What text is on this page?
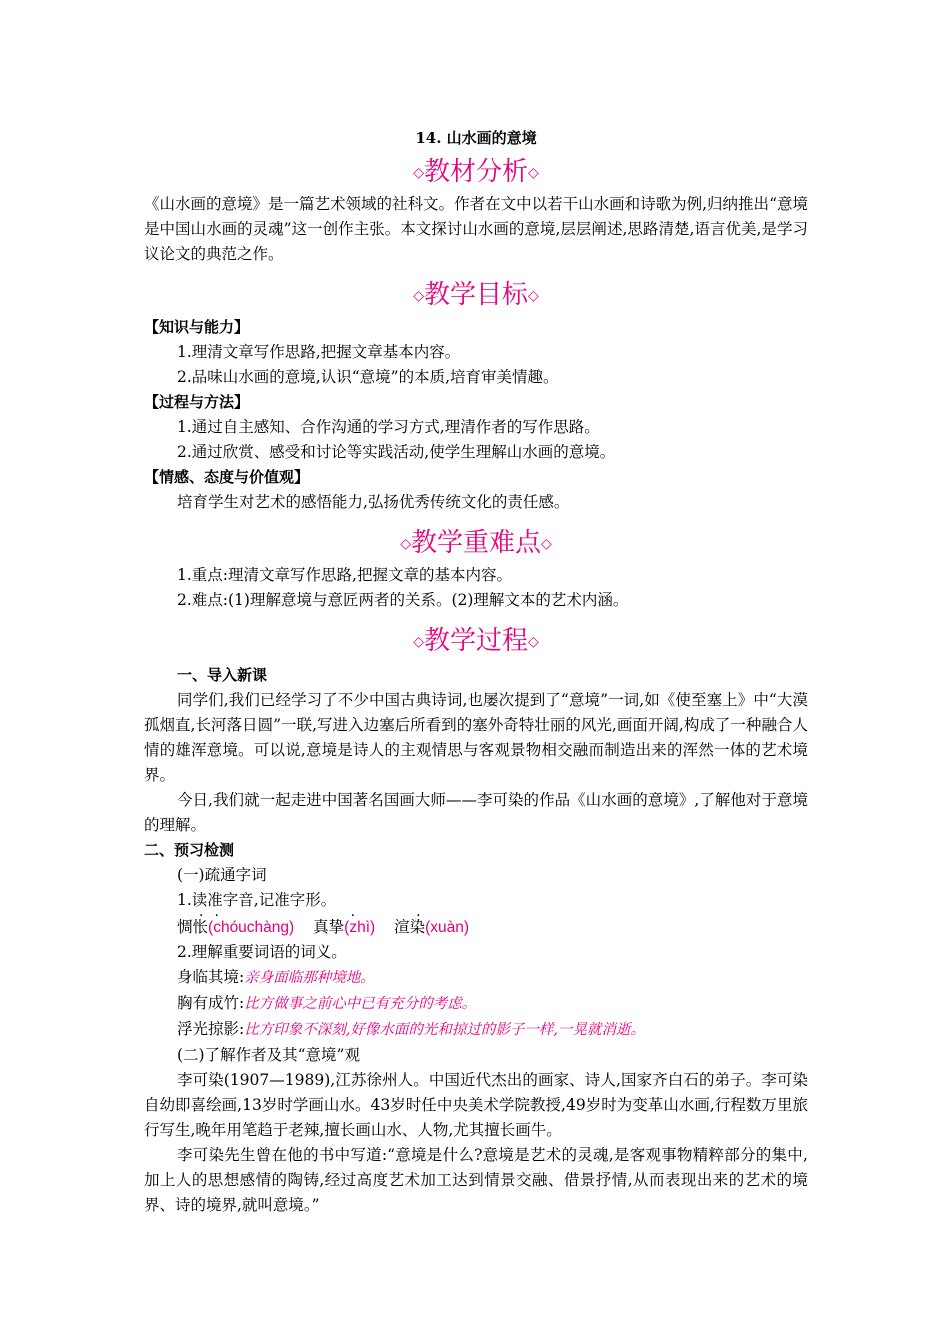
14. 山水画的意境
◇教材分析◇

《山水画的意境》是一篇艺术领域的社科文。作者在文中以若干山水画和诗歌为例,归纳推出“意境是中国山水画的灵魂”这一创作主张。本文探讨山水画的意境,层层阐述,思路清楚,语言优美,是学习议论文的典范之作。

◇教学目标◇

【知识与能力】

1.理清文章写作思路,把握文章基本内容。

2.品味山水画的意境,认识“意境”的本质,培育审美情趣。

【过程与方法】

1.通过自主感知、合作沟通的学习方式,理清作者的写作思路。

2.通过欣赏、感受和讨论等实践活动,使学生理解山水画的意境。

【情感、态度与价值观】

培育学生对艺术的感悟能力,弘扬优秀传统文化的责任感。

◇教学重难点◇

1.重点:理清文章写作思路,把握文章的基本内容。

2.难点:(1)理解意境与意匠两者的关系。(2)理解文本的艺术内涵。

◇教学过程◇

一、导入新课

同学们,我们已经学习了不少中国古典诗词,也屡次提到了“意境”一词,如《使至塞上》中“大漠孤烟直,长河落日圆”一联,写进入边塞后所看到的塞外奇特壮丽的风光,画面开阔,构成了一种融合人情的雄浑意境。可以说,意境是诗人的主观情思与客观景物相交融而制造出来的浑然一体的艺术境界。

今日,我们就一起走进中国著名国画大师——李可染的作品《山水画的意境》,了解他对于意境的理解。

二、预习检测

(一)疏通字词

1.读准字音,记准字形。

惆怅(chóuchàng) 真挚(zhì) 渲染(xuàn)

2.理解重要词语的词义。

身临其境:亲身面临那种境地。

胸有成竹:比方做事之前心中已有充分的考虑。

浮光掠影:比方印象不深刻,好像水面的光和掠过的影子一样,一晃就消逝。

(二)了解作者及其“意境”观

李可染(1907—1989),江苏徐州人。中国近代杰出的画家、诗人,国家齐白石的弟子。李可染自幼即喜绘画,13岁时学画山水。43岁时任中央美术学院教授,49岁时为变革山水画,行程数万里旅行写生,晚年用笔趋于老辣,擅长画山水、人物,尤其擅长画牛。

李可染先生曾在他的书中写道:“意境是什么?意境是艺术的灵魂,是客观事物精粹部分的集中,加上人的思想感情的陶铸,经过高度艺术加工达到情景交融、借景抒情,从而表现出来的艺术的境界、诗的境界,就叫意境。”
